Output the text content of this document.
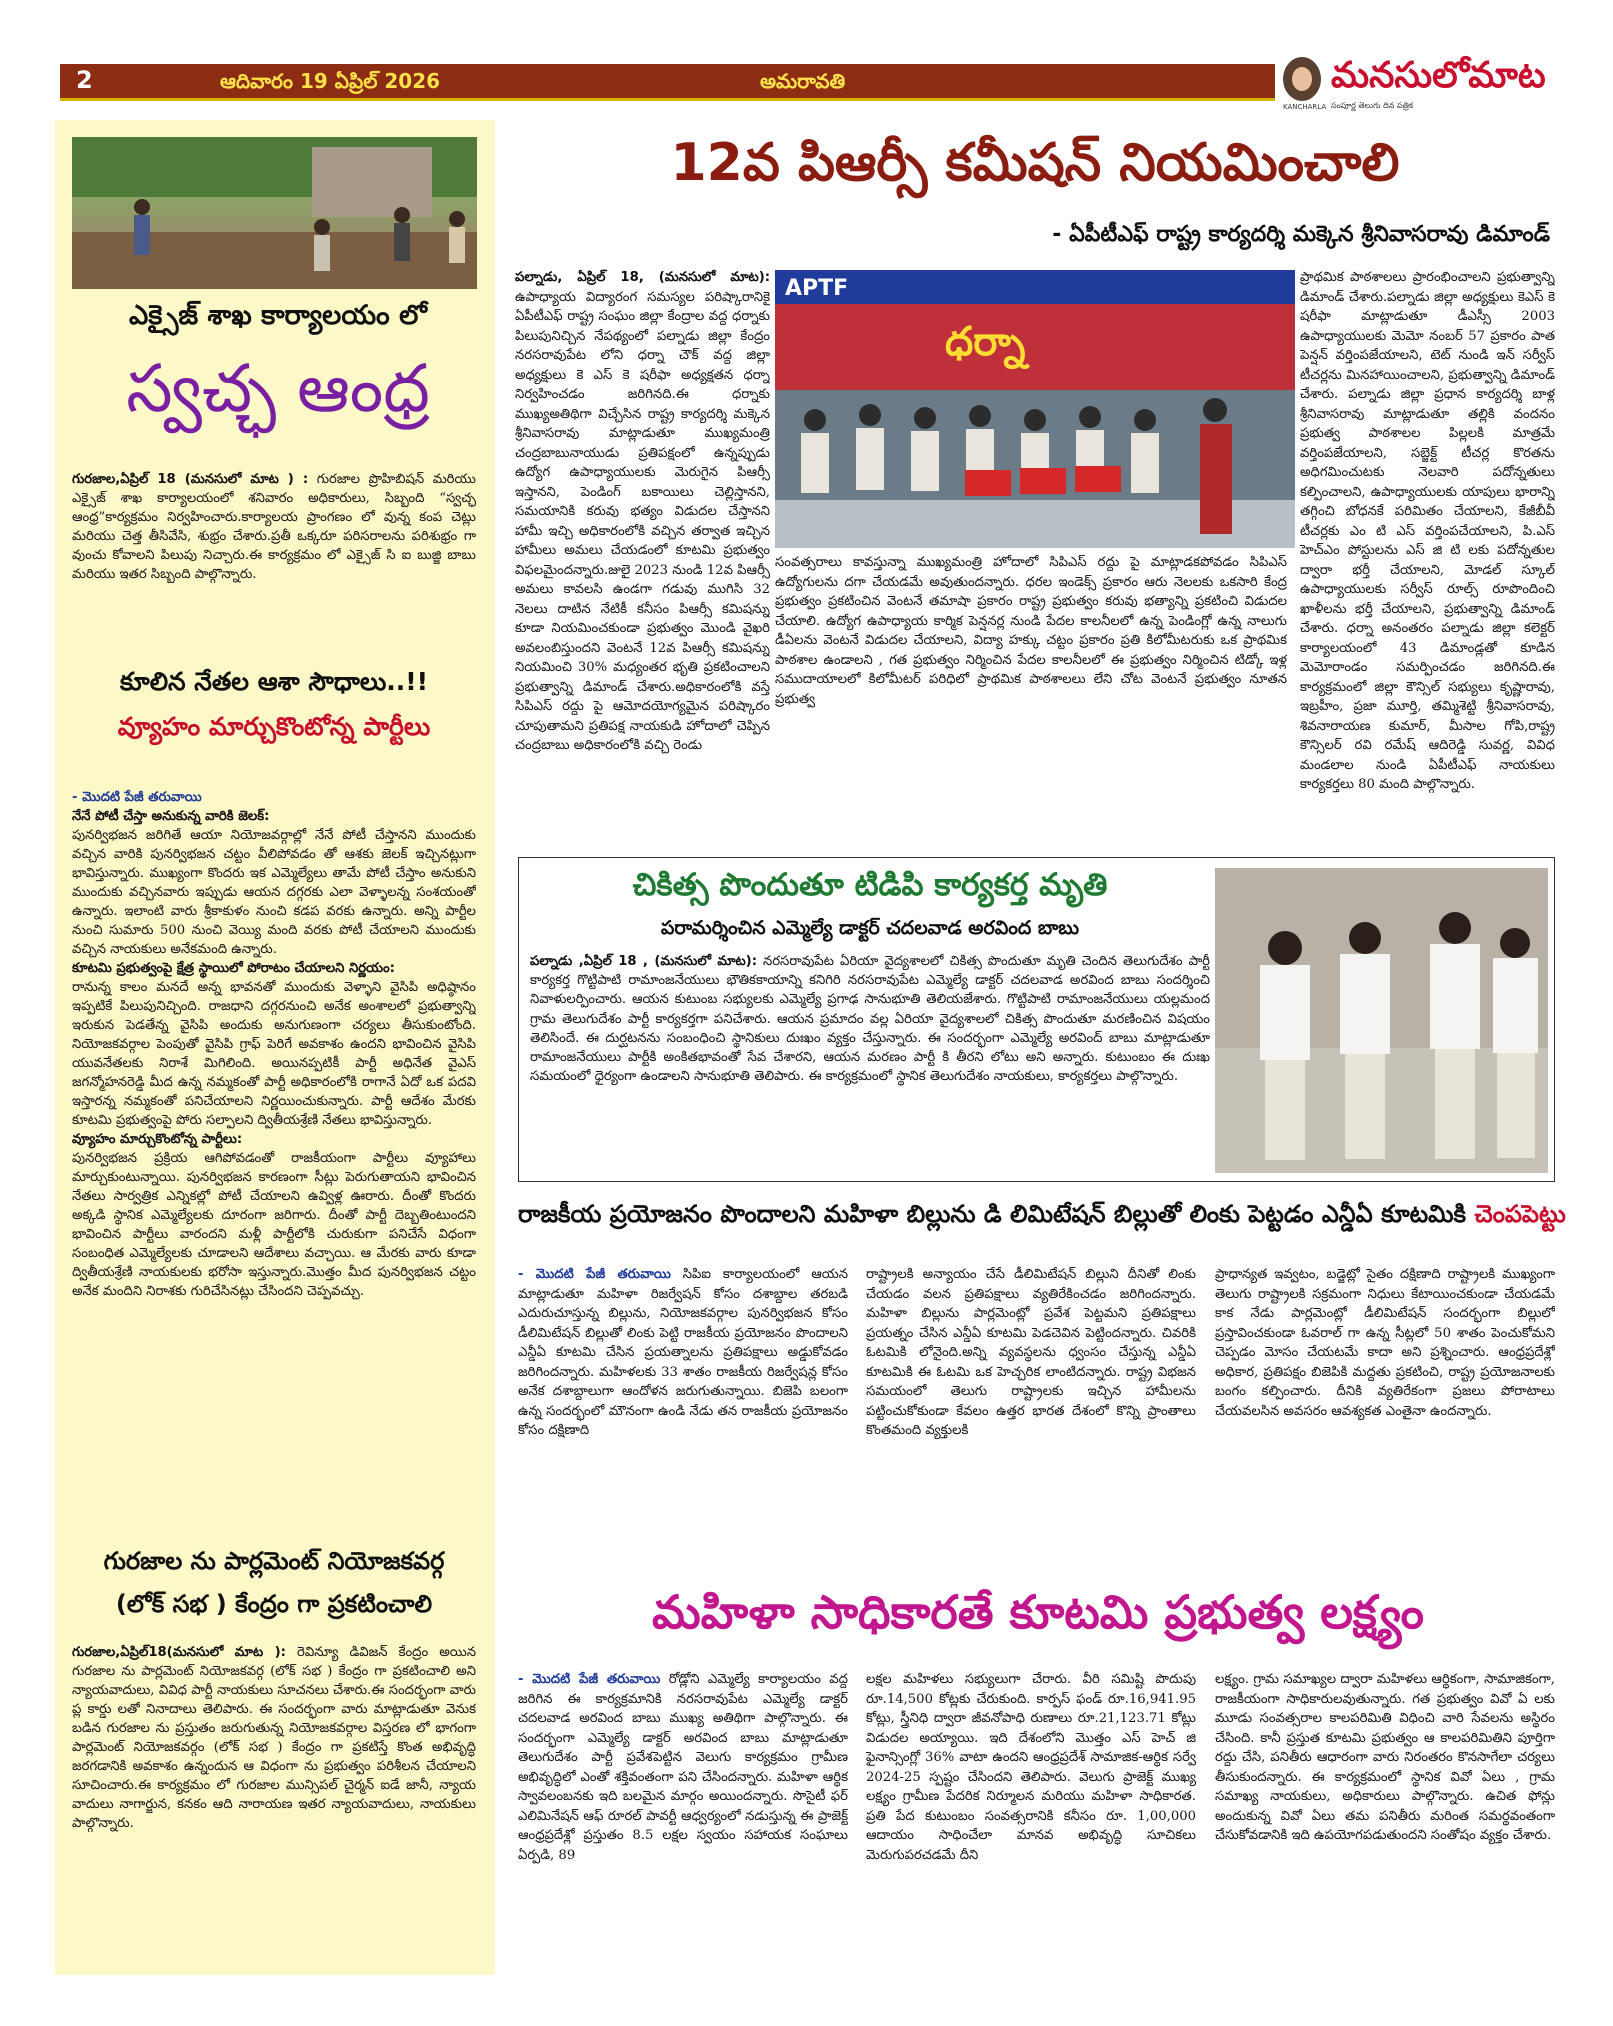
2	ఆదివారం 19 ఏప్రిల్ 2026	అమరావతి	మనసులోమాట
KANCHARLA సంపూర్ణ తెలుగు దిన పత్రిక
ఎక్సైజ్ శాఖ కార్యాలయం లో
స్వచ్ఛ ఆంధ్ర
గురజాల,ఏప్రిల్ 18 (మనసులో మాట ) : గురజాల ప్రొహిబిషన్ మరియు ఎక్సైజ్ శాఖ కార్యాలయంలో శనివారం అధికారులు, సిబ్బంది “స్వచ్ఛ ఆంధ్ర”కార్యక్రమం నిర్వహించారు.కార్యాలయ ప్రాంగణం లో వున్న కంప చెట్లు మరియు చెత్త తీసివేసి, శుభ్రం చేశారు.ప్రతీ ఒక్కరూ పరిసరాలను పరిశుభ్రం గా వుంచు కోవాలని పిలుపు నిచ్చారు.ఈ కార్యక్రమం లో ఎక్సైజ్ సి ఐ బుజ్జి బాబు మరియు ఇతర సిబ్బంది పాల్గొన్నారు.
కూలిన నేతల ఆశా సౌధాలు..!!
వ్యూహం మార్చుకొంటోన్న పార్టీలు
- మొదటి పేజీ తరువాయి
నేనే పోటీ చేస్తా అనుకున్న వారికి జెలక్:
పునర్విభజన జరిగితే ఆయా నియోజవర్గాల్లో నేనే పోటీ చేస్తానని ముందుకు వచ్చిన వారికి పునర్విభజన చట్టం వీలిపోవడం తో ఆశకు జెలక్ ఇచ్చినట్లుగా భావిస్తున్నారు. ముఖ్యంగా కొందరు ఇక ఎమ్మెల్యేలు తామే పోటీ చేస్తాం అనుకుని ముందుకు వచ్చినవారు ఇప్పుడు ఆయన దగ్గరకు ఎలా వెళ్ళాలన్న సంశయంతో ఉన్నారు. ఇలాంటి వారు శ్రీకాకుళం నుంచి కడప వరకు ఉన్నారు. అన్ని పార్టీల నుంచి సుమారు 500 నుంచి వెయ్యి మంది వరకు పోటీ చేయాలని ముందుకు వచ్చిన నాయకులు అనేకమంది ఉన్నారు.
కూటమి ప్రభుత్వంపై క్షేత్ర స్థాయిలో పోరాటం చేయాలని నిర్ణయం:
రానున్న కాలం మనదే అన్న భావనతో ముందుకు వెళ్ళాని వైసిపి అధిష్ఠానం ఇప్పటికే పిలుపునిచ్చింది. రాజధాని దగ్గరనుంచి అనేక అంశాలలో ప్రభుత్వాన్ని ఇరుకున పెడతేన్న వైసిపి అందుకు అనుగుణంగా చర్యలు తీసుకుంటోంది. నియోజకవర్గాల పెంపుతో వైసిపి గ్రాఫ్ పెరిగే అవకాశం ఉందని భావించిన వైసిపి యువనేతలకు నిరాశే మిగిలింది. అయినప్పటికీ పార్టీ అధినేత వైఎస్ జగన్మోహనరెడ్డి మీద ఉన్న నమ్మకంతో పార్టీ అధికారంలోకి రాగానే ఏదో ఒక పదవి ఇస్తారన్న నమ్మకంతో పనిచేయాలని నిర్ణయించుకున్నారు. పార్టీ ఆదేశం మేరకు కూటమి ప్రభుత్వంపై పోరు సల్పాలని ద్వితీయశ్రేణి నేతలు భావిస్తున్నారు.
వ్యూహం మార్చుకొంటోన్న పార్టీలు:
పునర్విభజన ప్రక్రియ ఆగిపోవడంతో రాజకీయంగా పార్టీలు వ్యూహాలు మార్చుకుంటున్నాయి. పునర్విభజన కారణంగా సీట్లు పెరుగుతాయని భావించిన నేతలు సార్వత్రిక ఎన్నికల్లో పోటీ చేయాలని ఉవ్విళ్ల ఊరారు. దీంతో కొందరు అక్కడి స్థానిక ఎమ్మెల్యేలకు దూరంగా జరిగారు. దీంతో పార్టీ దెబ్బతింటుందని భావించిన పార్టీలు వారందని మళ్లీ పార్టీలోకి చురుకుగా పనిచేసే విధంగా సంబంధిత ఎమ్మెల్యేలకు చూడాలని ఆదేశాలు వచ్చాయి. ఆ మేరకు వారు కూడా ద్వితీయశ్రేణి నాయకులకు భరోసా ఇస్తున్నారు.మొత్తం మీద పునర్విభజన చట్టం అనేక మందిని నిరాశకు గురిచేసినట్లు చేసిందని చెప్పవచ్చు.
గురజాల ను పార్లమెంట్ నియోజకవర్గ
(లోక్ సభ ) కేంద్రం గా ప్రకటించాలి
గురజాల,ఏప్రిల్18(మనసులో మాట ): రెవిన్యూ డివిజన్ కేంద్రం అయిన గురజాల ను పార్లమెంట్ నియోజకవర్గ (లోక్ సభ ) కేంద్రం గా ప్రకటించాలి అని న్యాయవాదులు, వివిధ పార్టీ నాయకులు సూచనలు చేశారు.ఈ సందర్భంగా వారు ప్ల కార్డు లతో నినాదాలు తెలిపారు. ఈ సందర్భంగా వారు మాట్లాడుతూ వెనుక బడిన గురజాల ను ప్రస్తుతం జరుగుతున్న నియోజకవర్గాల విస్తరణ లో భాగంగా పార్లమెంట్ నియోజకవర్గం (లోక్ సభ ) కేంద్రం గా ప్రకటిస్తే కొంత అభివృద్ధి జరగడానికి అవకాశం ఉన్నందున ఆ విధంగా ను ప్రభుత్వం పరిశీలన చేయాలని సూచించారు.ఈ కార్యక్రమం లో గురజాల మున్సిపల్ చైర్మన్ ఐడే జానీ, న్యాయ వాదులు నాగార్జున, కనకం ఆది నారాయణ ఇతర న్యాయవాదులు, నాయకులు పాల్గొన్నారు.
12వ పిఆర్సీ కమీషన్ నియమించాలి
- ఏపీటీఎఫ్ రాష్ట్ర కార్యదర్శి మక్కెన శ్రీనివాసరావు డిమాండ్
పల్నాడు, ఏప్రిల్ 18, (మనసులో మాట): ఉపాధ్యాయ విద్యారంగ సమస్యల పరిష్కారానికై ఏపీటీఎఫ్ రాష్ట్ర సంఘం జిల్లా కేంద్రాల వద్ద ధర్నాకు పిలుపునిచ్చిన నేపథ్యంలో పల్నాడు జిల్లా కేంద్రం నరసరావుపేట లోని ధర్నా చౌక్ వద్ద జిల్లా అధ్యక్షులు కె ఎస్ కె షరీఫా అధ్యక్షతన ధర్నా నిర్వహించడం జరిగినది.ఈ ధర్నాకు ముఖ్యఅతిథిగా విచ్చేసిన రాష్ట్ర కార్యదర్శి మక్కెన శ్రీనివాసరావు మాట్లాడుతూ ముఖ్యమంత్రి చంద్రబాబునాయుడు ప్రతిపక్షంలో ఉన్నప్పుడు ఉద్యోగ ఉపాధ్యాయులకు మెరుగైన పిఆర్సీ ఇస్తానని, పెండింగ్ బకాయిలు చెల్లిస్తానని, సమయానికి కరువు భత్యం విడుదల చేస్తానని హామీ ఇచ్చి అధికారంలోకి వచ్చిన తర్వాత ఇచ్చిన హామీలు అమలు చేయడంలో కూటమి ప్రభుత్వం విఫలమైందన్నారు.జులై 2023 నుండి 12వ పిఆర్సీ అమలు కావలసి ఉండగా గడువు ముగిసి 32 నెలలు దాటిన నేటికీ కనీసం పిఆర్సీ కమిషన్ను కూడా నియమించకుండా ప్రభుత్వం మొండి వైఖరి అవలంబిస్తుందని వెంటనే 12వ పిఆర్సీ కమిషన్ను నియమించి 30% మధ్యంతర భృతి ప్రకటించాలని ప్రభుత్వాన్ని డిమాండ్ చేశారు.అధికారంలోకి వస్తే సిపిఎస్ రద్దు పై ఆమోదయోగ్యమైన పరిష్కారం చూపుతామని ప్రతిపక్ష నాయకుడి హోదాలో చెప్పిన చంద్రబాబు అధికారంలోకి వచ్చి రెండు
APTF
ధర్నా
సంవత్సరాలు కావస్తున్నా ముఖ్యమంత్రి హోదాలో సిపిఎస్ రద్దు పై మాట్లాడకపోవడం సిపిఎస్ ఉద్యోగులను దగా చేయడమే అవుతుందన్నారు. ధరల ఇండెక్స్ ప్రకారం ఆరు నెలలకు ఒకసారి కేంద్ర ప్రభుత్వం ప్రకటించిన వెంటనే తమాషా ప్రకారం రాష్ట్ర ప్రభుత్వం కరువు భత్యాన్ని ప్రకటించి విడుదల చేయాలి. ఉద్యోగ ఉపాధ్యాయ కార్మిక పెన్షనర్ల నుండి పేదల కాలనీలలో ఉన్న పెండింగ్లో ఉన్న నాలుగు డీఏలను వెంటనే విడుదల చేయాలని, విద్యా హక్కు చట్టం ప్రకారం ప్రతి కిలోమీటరుకు ఒక ప్రాథమిక పాఠశాల ఉండాలని , గత ప్రభుత్వం నిర్మించిన పేదల కాలనీలలో ఈ ప్రభుత్వం నిర్మించిన టిడ్కో ఇళ్ల సముదాయాలలో కిలోమీటర్ పరిధిలో ప్రాథమిక పాఠశాలలు లేని చోట వెంటనే ప్రభుత్వం నూతన ప్రభుత్వ
ప్రాథమిక పాఠశాలలు ప్రారంభించాలని ప్రభుత్వాన్ని డిమాండ్ చేశారు.పల్నాడు జిల్లా అధ్యక్షులు కెఎస్ కె షరీఫా మాట్లాడుతూ డీఎస్సీ 2003 ఉపాధ్యాయులకు మెమో నంబర్ 57 ప్రకారం పాత పెన్షన్ వర్తింపజేయాలని, టెట్ నుండి ఇన్ సర్వీస్ టీచర్లను మినహాయించాలని, ప్రభుత్వాన్ని డిమాండ్ చేశారు. పల్నాడు జిల్లా ప్రధాన కార్యదర్శి బాళ్ల శ్రీనివాసరావు మాట్లాడుతూ తల్లికి వందనం ప్రభుత్వ పాఠశాలల పిల్లలకి మాత్రమే వర్తింపజేయాలని, సబ్జెక్ట్ టీచర్ల కొరతను అధిగమించుటకు నెలవారి పదోన్నతులు కల్పించాలని, ఉపాధ్యాయులకు యాపులు భారాన్ని తగ్గించి బోధనకే పరిమితం చేయాలని, కేజీబీవీ టీచర్లకు ఎం టి ఎస్ వర్తింపచేయాలని, పి.ఎస్ హెచ్ఎం పోస్టులను ఎస్ జి టి లకు పదోన్నతుల ద్వారా భర్తీ చేయాలని, మోడల్ స్కూల్ ఉపాధ్యాయులకు సర్వీస్ రూల్స్ రూపొందించి ఖాళీలను భర్తీ చేయాలని, ప్రభుత్వాన్ని డిమాండ్ చేశారు. ధర్నా అనంతరం పల్నాడు జిల్లా కలెక్టర్ కార్యాలయంలో 43 డిమాండ్లతో కూడిన మెమోరాండం సమర్పించడం జరిగినది.ఈ కార్యక్రమంలో జిల్లా కౌన్సిల్ సభ్యులు కృష్ణారావు, ఇబ్రహీం, ప్రజా మూర్తి, తమ్మిశెట్టి శ్రీనివాసరావు, శివనారాయణ కుమార్, మీసాల గోపి,రాష్ట్ర కౌన్సిలర్ రవి రమేష్ ఆదిరెడ్డి సువర్ణ, వివిధ మండలాల నుండి ఏపీటీఎఫ్ నాయకులు కార్యకర్తలు 80 మంది పాల్గొన్నారు.
చికిత్స పొందుతూ టిడిపి కార్యకర్త మృతి
పరామర్శించిన ఎమ్మెల్యే డాక్టర్ చదలవాడ అరవింద బాబు
పల్నాడు ,ఏప్రిల్ 18 , (మనసులో మాట): నరసరావుపేట ఏరియా వైద్యశాలలో చికిత్స పొందుతూ మృతి చెందిన తెలుగుదేశం పార్టీ కార్యకర్త గొట్టిపాటి రామాంజనేయులు భౌతికకాయాన్ని కనిగిరి నరసరావుపేట ఎమ్మెల్యే డాక్టర్ చదలవాడ అరవింద బాబు సందర్శించి నివాళులర్పించారు. ఆయన కుటుంబ సభ్యులకు ఎమ్మెల్యే ప్రగాఢ సానుభూతి తెలియజేశారు. గొట్టిపాటి రామాంజనేయులు యల్లమంద గ్రామ తెలుగుదేశం పార్టీ కార్యకర్తగా పనిచేశారు. ఆయన ప్రమాదం వల్ల ఏరియా వైద్యశాలలో చికిత్స పొందుతూ మరణించిన విషయం తెలిసిందే. ఈ దుర్ఘటనను సంబంధించి స్థానికులు దుఃఖం వ్యక్తం చేస్తున్నారు. ఈ సందర్భంగా ఎమ్మెల్యే అరవింద్ బాబు మాట్లాడుతూ రామాంజనేయులు పార్టీకి అంకితభావంతో సేవ చేశారని, ఆయన మరణం పార్టీ కి తీరని లోటు అని అన్నారు. కుటుంబం ఈ దుఃఖ సమయంలో ధైర్యంగా ఉండాలని సానుభూతి తెలిపారు. ఈ కార్యక్రమంలో స్థానిక తెలుగుదేశం నాయకులు, కార్యకర్తలు పాల్గొన్నారు.
రాజకీయ ప్రయోజనం పొందాలని మహిళా బిల్లును డి లిమిటేషన్ బిల్లుతో లింకు పెట్టడం ఎన్డీఏ కూటమికి చెంపపెట్టు
- మొదటి పేజీ తరువాయి సిపిఐ కార్యాలయంలో ఆయన మాట్లాడుతూ మహిళా రిజర్వేషన్ కోసం దశాబ్దాల తరబడి ఎదురుచూస్తున్న బిల్లును, నియోజకవర్గాల పునర్విభజన కోసం డీలిమిటేషన్ బిల్లుతో లింకు పెట్టి రాజకీయ ప్రయోజనం పొందాలని ఎన్డీఏ కూటమి చేసిన ప్రయత్నాలను ప్రతిపక్షాలు అడ్డుకోవడం జరిగిందన్నారు. మహిళలకు 33 శాతం రాజకీయ రిజర్వేషన్ల కోసం అనేక దశాబ్దాలుగా ఆందోళన జరుగుతున్నాయి. బిజెపి బలంగా ఉన్న సందర్భంలో మౌనంగా ఉండి నేడు తన రాజకీయ ప్రయోజనం కోసం దక్షిణాది
రాష్ట్రాలకి అన్యాయం చేసే డీలిమిటేషన్ బిల్లుని దీనితో లింకు చేయడం వలన ప్రతిపక్షాలు వ్యతిరేకించడం జరిగిందన్నారు. మహిళా బిల్లును పార్లమెంట్లో ప్రవేశ పెట్టమని ప్రతిపక్షాలు ప్రయత్నం చేసిన ఎన్డీఏ కూటమి పెడచెవిన పెట్టిందన్నారు. చివరికి ఓటమికి లోనైంది.అన్ని వ్యవస్థలను ధ్వంసం చేస్తున్న ఎన్డీఏ కూటమికి ఈ ఓటమి ఒక హెచ్చరిక లాంటిదన్నారు. రాష్ట్ర విభజన సమయంలో తెలుగు రాష్ట్రాలకు ఇచ్చిన హామీలను పట్టించుకోకుండా కేవలం ఉత్తర భారత దేశంలో కొన్ని ప్రాంతాలు కొంతమంది వ్యక్తులకి
ప్రాధాన్యత ఇవ్వటం, బడ్జెట్లో సైతం దక్షిణాది రాష్ట్రాలకి ముఖ్యంగా తెలుగు రాష్ట్రాలకి సక్రమంగా నిధులు కేటాయించకుండా చేయడమే కాక నేడు పార్లమెంట్లో డీలిమిటేషన్ సందర్భంగా బిల్లులో ప్రస్తావించకుండా ఓవరాల్ గా ఉన్న సీట్లలో 50 శాతం పెంచుకోమని చెప్పడం మోసం చేయటమే కాదా అని ప్రశ్నించారు. ఆంధ్రప్రదేశ్లో అధికార, ప్రతిపక్షం బిజెపికి మద్దతు ప్రకటించి, రాష్ట్ర ప్రయోజనాలకు బంగం కల్పించారు. దీనికి వ్యతిరేకంగా ప్రజలు పోరాటాలు చేయవలసిన అవసరం ఆవశ్యకత ఎంతైనా ఉందన్నారు.
మహిళా సాధికారతే కూటమి ప్రభుత్వ లక్ష్యం
- మొదటి పేజీ తరువాయి రోడ్లోని ఎమ్మెల్యే కార్యాలయం వద్ద జరిగిన ఈ కార్యక్రమానికి నరసరావుపేట ఎమ్మెల్యే డాక్టర్ చదలవాడ అరవింద బాబు ముఖ్య అతిథిగా పాల్గొన్నారు. ఈ సందర్భంగా ఎమ్మెల్యే డాక్టర్ అరవింద బాబు మాట్లాడుతూ తెలుగుదేశం పార్టీ ప్రవేశపెట్టిన వెలుగు కార్యక్రమం గ్రామీణ అభివృద్ధిలో ఎంతో శక్తివంతంగా పని చేసిందన్నారు. మహిళా ఆర్థిక స్వావలంబనకు ఇది బలమైన మార్గం అయిందన్నారు. సొసైటీ ఫర్ ఎలిమినేషన్ ఆఫ్ రూరల్ పావర్టీ ఆధ్వర్యంలో నడుస్తున్న ఈ ప్రాజెక్ట్ ఆంధ్రప్రదేశ్లో ప్రస్తుతం 8.5 లక్షల స్వయం సహాయక సంఘాలు ఏర్పడి, 89
లక్షల మహిళలు సభ్యులుగా చేరారు. వీరి సమిష్టి పొదుపు రూ.14,500 కోట్లకు చేరుకుంది. కార్పస్ ఫండ్ రూ.16,941.95 కోట్లు, స్త్రీనిధి ద్వారా జీవనోపాధి రుణాలు రూ.21,123.71 కోట్లు విడుదల అయ్యాయి. ఇది దేశంలోని మొత్తం ఎస్ హెచ్ జి ఫైనాన్సింగ్లో 36% వాటా ఉందని ఆంధ్రప్రదేశ్ సామాజిక-ఆర్థిక సర్వే 2024-25 స్పష్టం చేసిందని తెలిపారు. వెలుగు ప్రాజెక్ట్ ముఖ్య లక్ష్యం గ్రామీణ పేదరిక నిర్మూలన మరియు మహిళా సాధికారత. ప్రతి పేద కుటుంబం సంవత్సరానికి కనీసం రూ. 1,00,000 ఆదాయం సాధించేలా మానవ అభివృద్ధి సూచికలు మెరుగుపరచడమే దీని
లక్ష్యం. గ్రామ సమాఖ్యల ద్వారా మహిళలు ఆర్థికంగా, సామాజికంగా, రాజకీయంగా సాధికారులవుతున్నారు. గత ప్రభుత్వం వివో ఏ లకు మూడు సంవత్సరాల కాలపరిమితి విధించి వారి సేవలను అస్థిరం చేసింది. కానీ ప్రస్తుత కూటమి ప్రభుత్వం ఆ కాలపరిమితిని పూర్తిగా రద్దు చేసి, పనితీరు ఆధారంగా వారు నిరంతరం కొనసాగేలా చర్యలు తీసుకుందన్నారు. ఈ కార్యక్రమంలో స్థానిక వివో ఏలు , గ్రామ సమాఖ్య నాయకులు, అధికారులు పాల్గొన్నారు. ఉచిత ఫోన్లు అందుకున్న వివో ఏలు తమ పనితీరు మరింత సమర్థవంతంగా చేసుకోవడానికి ఇది ఉపయోగపడుతుందని సంతోషం వ్యక్తం చేశారు.
